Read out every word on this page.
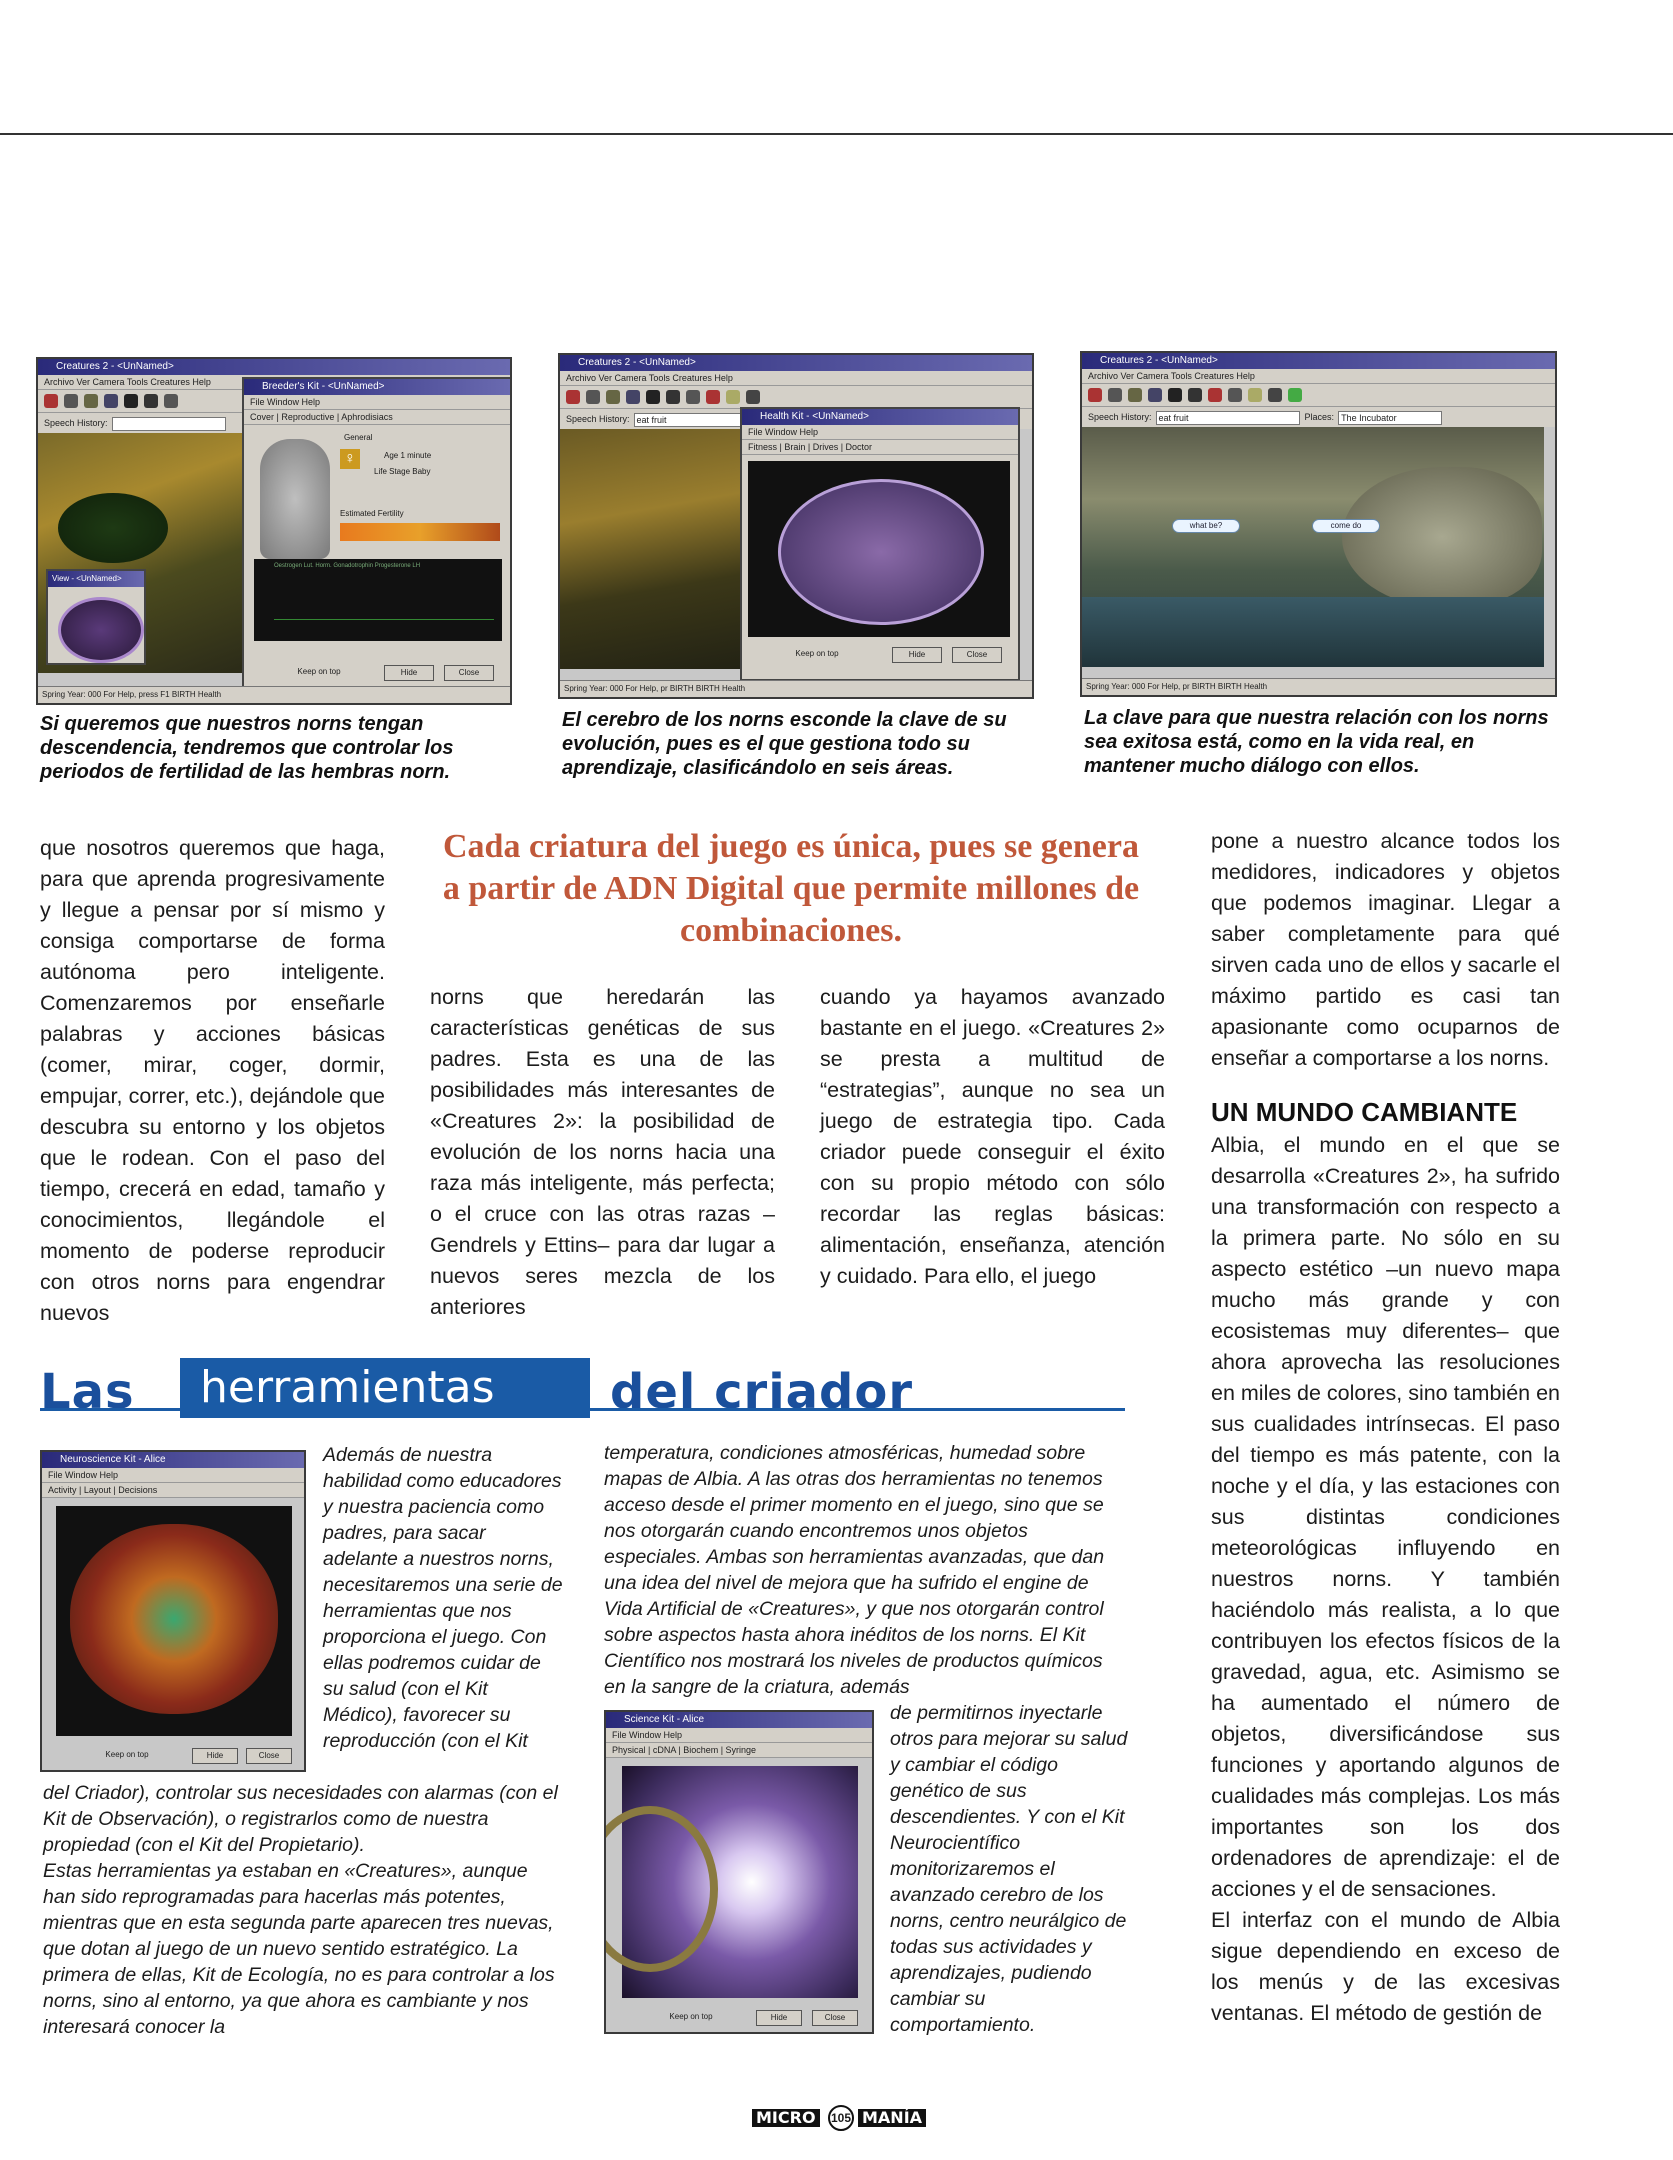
Creatures 2 - <UnNamed>
Archivo Ver Camera Tools Creatures Help
Speech History:
View - <UnNamed>
Breeder's Kit - <UnNamed>
File Window Help
Cover | Reproductive | Aphrodisiacs
General
♀	Age 1 minute
Life Stage Baby
Estimated Fertility
Oestrogen Lut. Horm. Gonadotrophin Progesterone LH
Keep on top	Hide	Close
Spring Year: 000 For Help, press F1 BIRTH Health
Creatures 2 - <UnNamed>
Archivo Ver Camera Tools Creatures Help
Speech History: eat fruit	Health Kit - <UnNamed>
File Window Help
Fitness | Brain | Drives | Doctor
Keep on top	Hide	Close
Spring Year: 000 For Help, pr BIRTH BIRTH Health
Creatures 2 - <UnNamed>
Archivo Ver Camera Tools Creatures Help
Speech History: eat fruit	Places: The Incubator
what be?	come do
Spring Year: 000 For Help, pr BIRTH BIRTH Health
Si queremos que nuestros norns tengan descendencia, tendremos que controlar los periodos de fertilidad de las hembras norn.
El cerebro de los norns esconde la clave de su evolución, pues es el que gestiona todo su aprendizaje, clasificándolo en seis áreas.
La clave para que nuestra relación con los norns sea exitosa está, como en la vida real, en mantener mucho diálogo con ellos.

que nosotros queremos que haga, para que aprenda progresivamente y llegue a pensar por sí mismo y consiga comportarse de forma autónoma pero inteligente. Comenzaremos por enseñarle palabras y acciones básicas (comer, mirar, coger, dormir, empujar, correr, etc.), dejándole que descubra su entorno y los objetos que le rodean. Con el paso del tiempo, crecerá en edad, tamaño y conocimientos, llegándole el momento de poderse reproducir con otros norns para engendrar nuevos

Cada criatura del juego es única, pues se genera a partir de ADN Digital que permite millones de combinaciones.

norns que heredarán las características genéticas de sus padres. Esta es una de las posibilidades más interesantes de «Creatures 2»: la posibilidad de evolución de los norns hacia una raza más inteligente, más perfecta; o el cruce con las otras razas –Gendrels y Ettins– para dar lugar a nuevos seres mezcla de los anteriores

cuando ya hayamos avanzado bastante en el juego. «Creatures 2» se presta a multitud de “estrategias”, aunque no sea un juego de estrategia tipo. Cada criador puede conseguir el éxito con su propio método con sólo recordar las reglas básicas: alimentación, enseñanza, atención y cuidado. Para ello, el juego

pone a nuestro alcance todos los medidores, indicadores y objetos que podemos imaginar. Llegar a saber completamente para qué sirven cada uno de ellos y sacarle el máximo partido es casi tan apasionante como ocuparnos de enseñar a comportarse a los norns.

UN MUNDO CAMBIANTE

Albia, el mundo en el que se desarrolla «Creatures 2», ha sufrido una transformación con respecto a la primera parte. No sólo en su aspecto estético –un nuevo mapa mucho más grande y con ecosistemas muy diferentes– que ahora aprovecha las resoluciones en miles de colores, sino también en sus cualidades intrínsecas. El paso del tiempo es más patente, con la noche y el día, y las estaciones con sus distintas condiciones meteorológicas influyendo en nuestros norns. Y también haciéndolo más realista, a lo que contribuyen los efectos físicos de la gravedad, agua, etc. Asimismo se ha aumentado el número de objetos, diversificándose sus funciones y aportando algunos de cualidades más complejas. Los más importantes son los dos ordenadores de aprendizaje: el de acciones y el de sensaciones.

El interfaz con el mundo de Albia sigue dependiendo en exceso de los menús y de las excesivas ventanas. El método de gestión de

Las herramientas del criador
Neuroscience Kit - Alice
File Window Help
Activity | Layout | Decisions
Keep on top	Hide	Close

Además de nuestra habilidad como educadores y nuestra paciencia como padres, para sacar adelante a nuestros norns, necesitaremos una serie de herramientas que nos proporciona el juego. Con ellas podremos cuidar de su salud (con el Kit Médico), favorecer su reproducción (con el Kit

del Criador), controlar sus necesidades con alarmas (con el Kit de Observación), o registrarlos como de nuestra propiedad (con el Kit del Propietario).

Estas herramientas ya estaban en «Creatures», aunque han sido reprogramadas para hacerlas más potentes, mientras que en esta segunda parte aparecen tres nuevas, que dotan al juego de un nuevo sentido estratégico. La primera de ellas, Kit de Ecología, no es para controlar a los norns, sino al entorno, ya que ahora es cambiante y nos interesará conocer la

temperatura, condiciones atmosféricas, humedad sobre mapas de Albia. A las otras dos herramientas no tenemos acceso desde el primer momento en el juego, sino que se nos otorgarán cuando encontremos unos objetos especiales. Ambas son herramientas avanzadas, que dan una idea del nivel de mejora que ha sufrido el engine de Vida Artificial de «Creatures», y que nos otorgarán control sobre aspectos hasta ahora inéditos de los norns. El Kit Científico nos mostrará los niveles de productos químicos en la sangre de la criatura, además

Science Kit - Alice
File Window Help
Physical | cDNA | Biochem | Syringe
Keep on top	Hide	Close

de permitirnos inyectarle otros para mejorar su salud y cambiar el código genético de sus descendientes. Y con el Kit Neurocientífico monitorizaremos el avanzado cerebro de los norns, centro neurálgico de todas sus actividades y aprendizajes, pudiendo cambiar su comportamiento.

MICRO	105 MANÍA
